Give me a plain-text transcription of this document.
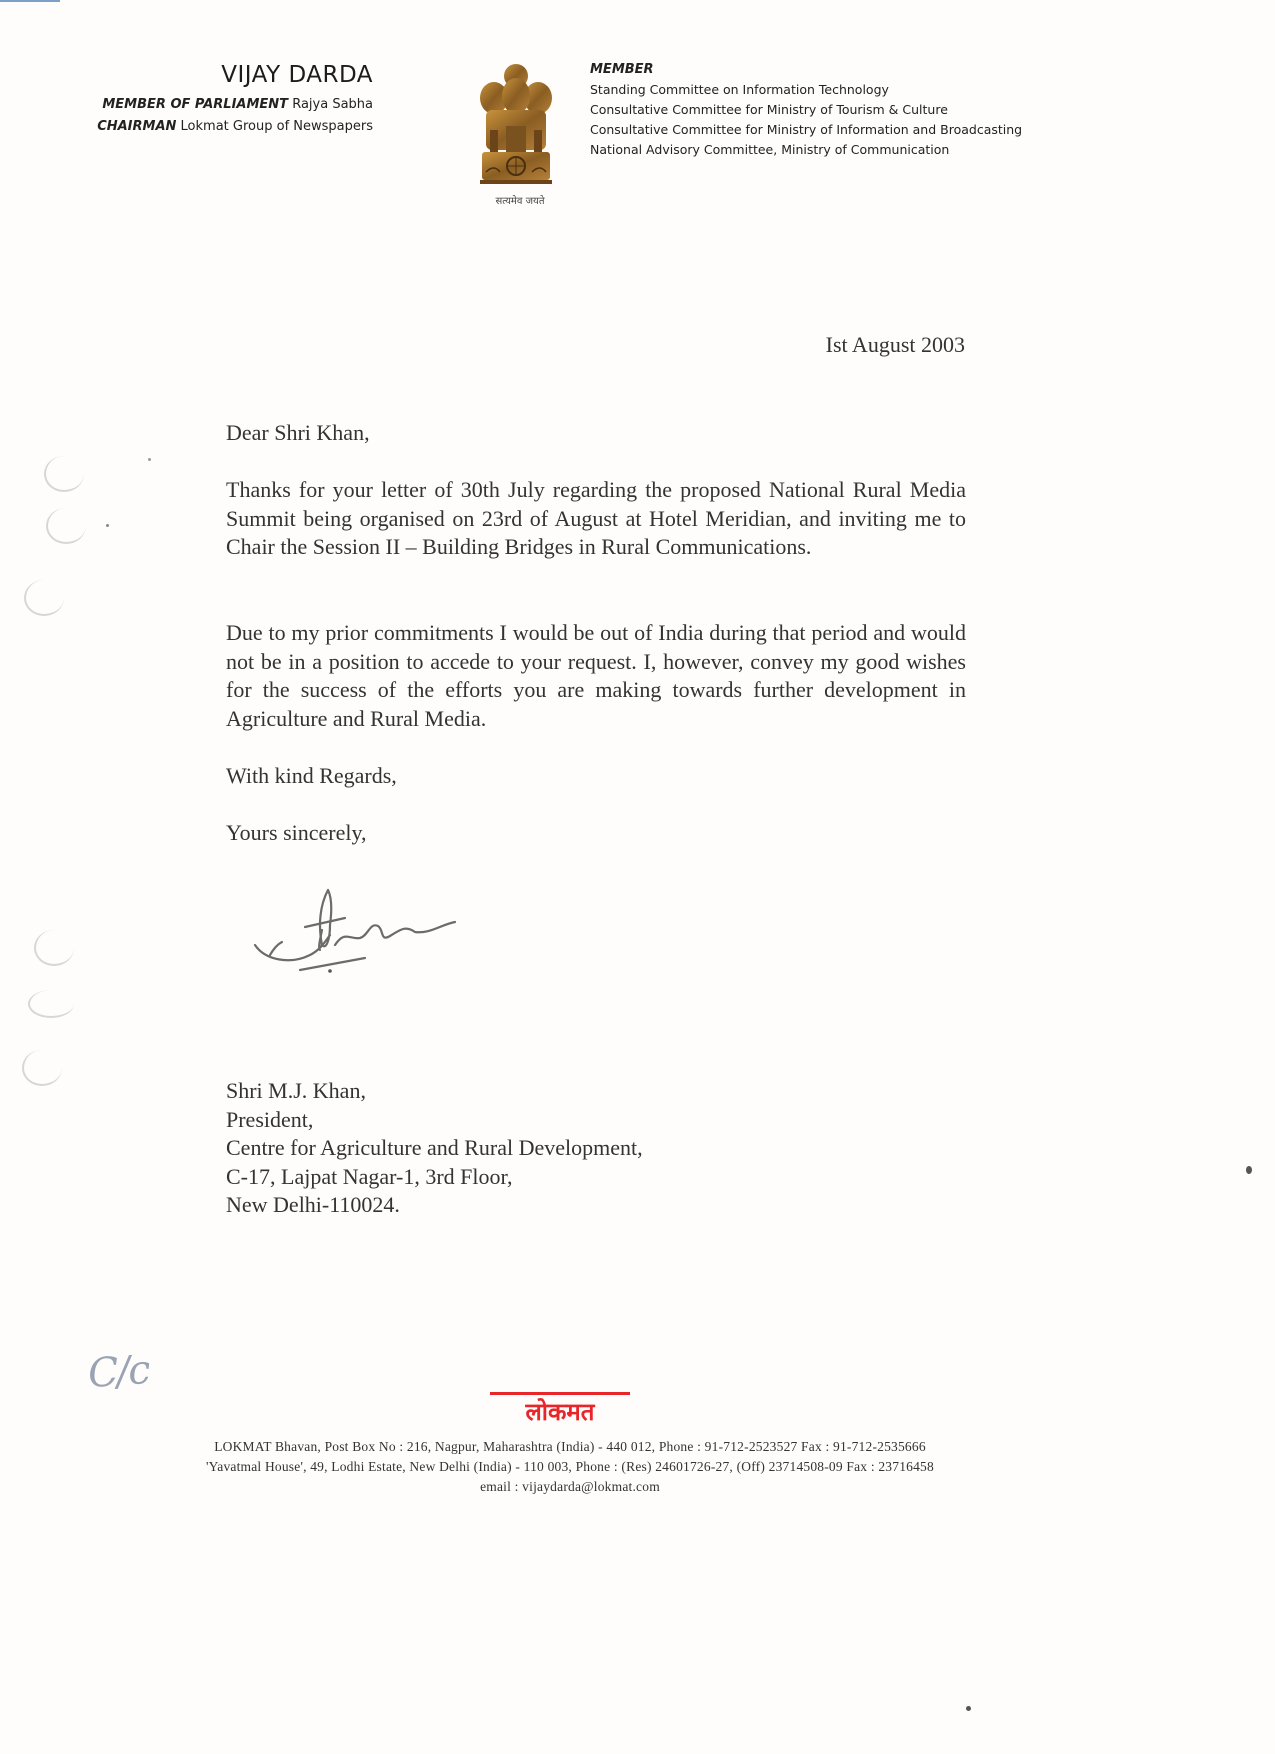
VIJAY DARDA
MEMBER OF PARLIAMENT Rajya Sabha
CHAIRMAN Lokmat Group of Newspapers
सत्यमेव जयते
MEMBER
Standing Committee on Information Technology
Consultative Committee for Ministry of Tourism & Culture
Consultative Committee for Ministry of Information and Broadcasting
National Advisory Committee, Ministry of Communication
Ist August 2003
Dear Shri Khan,
Thanks for your letter of 30th July regarding the proposed National Rural Media Summit being organised on 23rd of August at Hotel Meridian, and inviting me to Chair the Session II – Building Bridges in Rural Communications.
Due to my prior commitments I would be out of India during that period and would not be in a position to accede to your request. I, however, convey my good wishes for the success of the efforts you are making towards further development in Agriculture and Rural Media.
With kind Regards,
Yours sincerely,
Shri M.J. Khan,
President,
Centre for Agriculture and Rural Development,
C-17, Lajpat Nagar-1, 3rd Floor,
New Delhi-110024.
C/c
लोकमत
LOKMAT Bhavan, Post Box No : 216, Nagpur, Maharashtra (India) - 440 012, Phone : 91-712-2523527 Fax : 91-712-2535666
'Yavatmal House', 49, Lodhi Estate, New Delhi (India) - 110 003, Phone : (Res) 24601726-27, (Off) 23714508-09 Fax : 23716458
email : vijaydarda@lokmat.com
